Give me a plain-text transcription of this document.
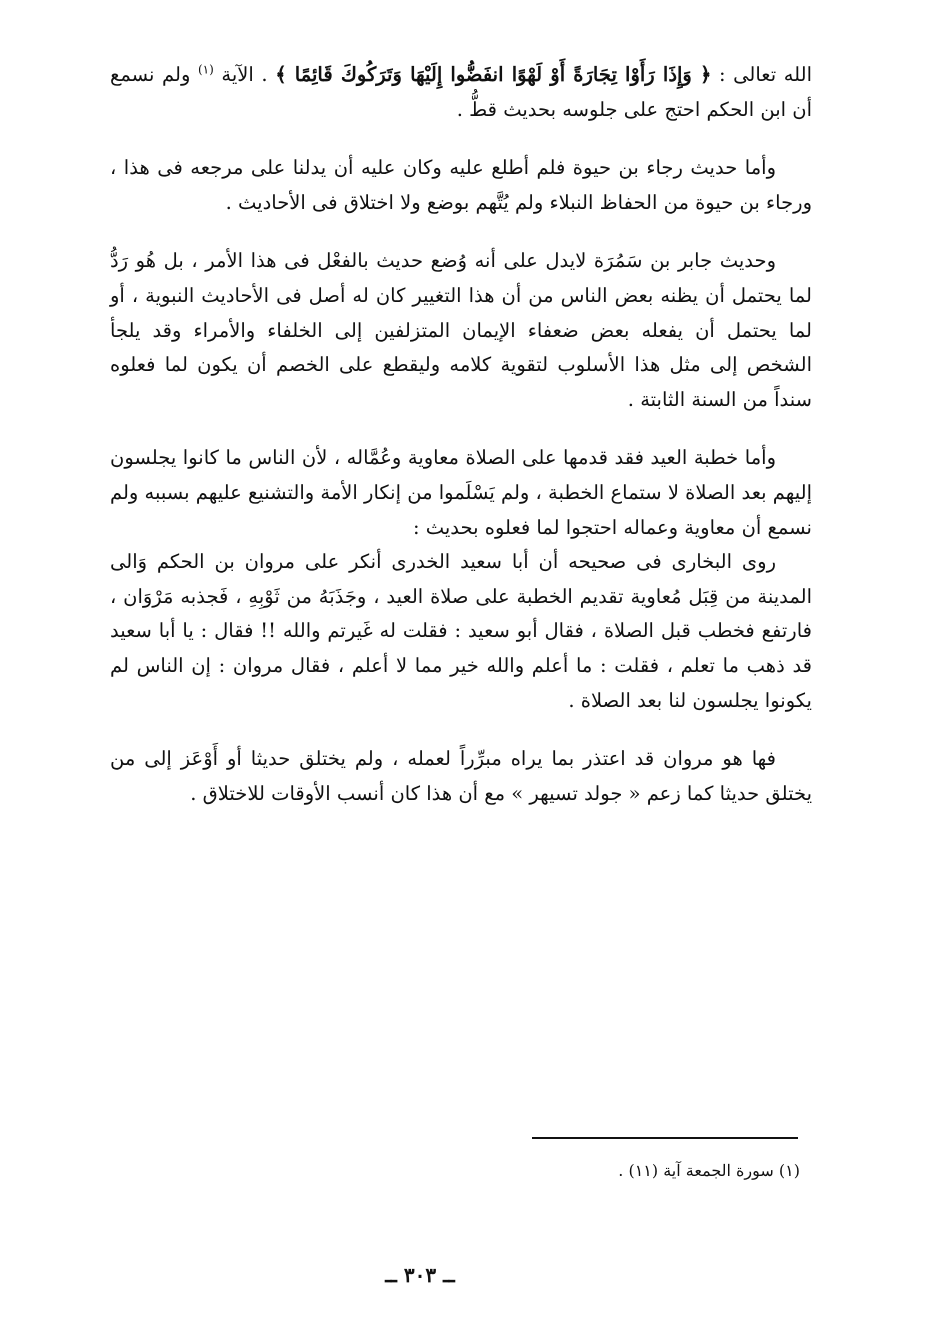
الله تعالى : ﴿ وَإِذَا رَأَوْا تِجَارَةً أَوْ لَهْوًا انفَضُّوا إِلَيْهَا وَتَرَكُوكَ قَائِمًا ﴾ . الآية $^{(١)}$ ولم نسمع أن ابن الحكم احتج على جلوسه بحديث قطُّ .

وأما حديث رجاء بن حيوة فلم أطلع عليه وكان عليه أن يدلنا على مرجعه فى هذا ، ورجاء بن حيوة من الحفاظ النبلاء ولم يُتَّهم بوضع ولا اختلاق فى الأحاديث .

وحديث جابر بن سَمُرَة لايدل على أنه وُضع حديث بالفعْل فى هذا الأمر ، بل هُو رَدُّ لما يحتمل أن يظنه بعض الناس من أن هذا التغيير كان له أصل فى الأحاديث النبوية ، أو لما يحتمل أن يفعله بعض ضعفاء الإيمان المتزلفين إلى الخلفاء والأمراء وقد يلجأ الشخص إلى مثل هذا الأسلوب لتقوية كلامه وليقطع على الخصم أن يكون لما فعلوه سنداً من السنة الثابتة .

وأما خطبة العيد فقد قدمها على الصلاة معاوية وعُمَّاله ، لأن الناس ما كانوا يجلسون إليهم بعد الصلاة لا ستماع الخطبة ، ولم يَسْلَموا من إنكار الأمة والتشنيع عليهم بسببه ولم نسمع أن معاوية وعماله احتجوا لما فعلوه بحديث :

روى البخارى فى صحيحه أن أبا سعيد الخدرى أنكر على مروان بن الحكم وَالى المدينة من قِبَل مُعاوية تقديم الخطبة على صلاة العيد ، وجَذَبَهُ من ثَوْبِهِ ، فَجذبه مَرْوَان ، فارتفع فخطب قبل الصلاة ، فقال أبو سعيد : فقلت له غَيرتم والله !! فقال : يا أبا سعيد قد ذهب ما تعلم ، فقلت : ما أعلم والله خير مما لا أعلم ، فقال مروان : إن الناس لم يكونوا يجلسون لنا بعد الصلاة .

فها هو مروان قد اعتذر بما يراه مبرِّراً لعمله ، ولم يختلق حديثا أو أَوْعَز إلى من يختلق حديثا كما زعم « جولد تسيهر » مع أن هذا كان أنسب الأوقات للاختلاق .

(١) سورة الجمعة آية (١١) .
ــ ٣٠٣ ــ
